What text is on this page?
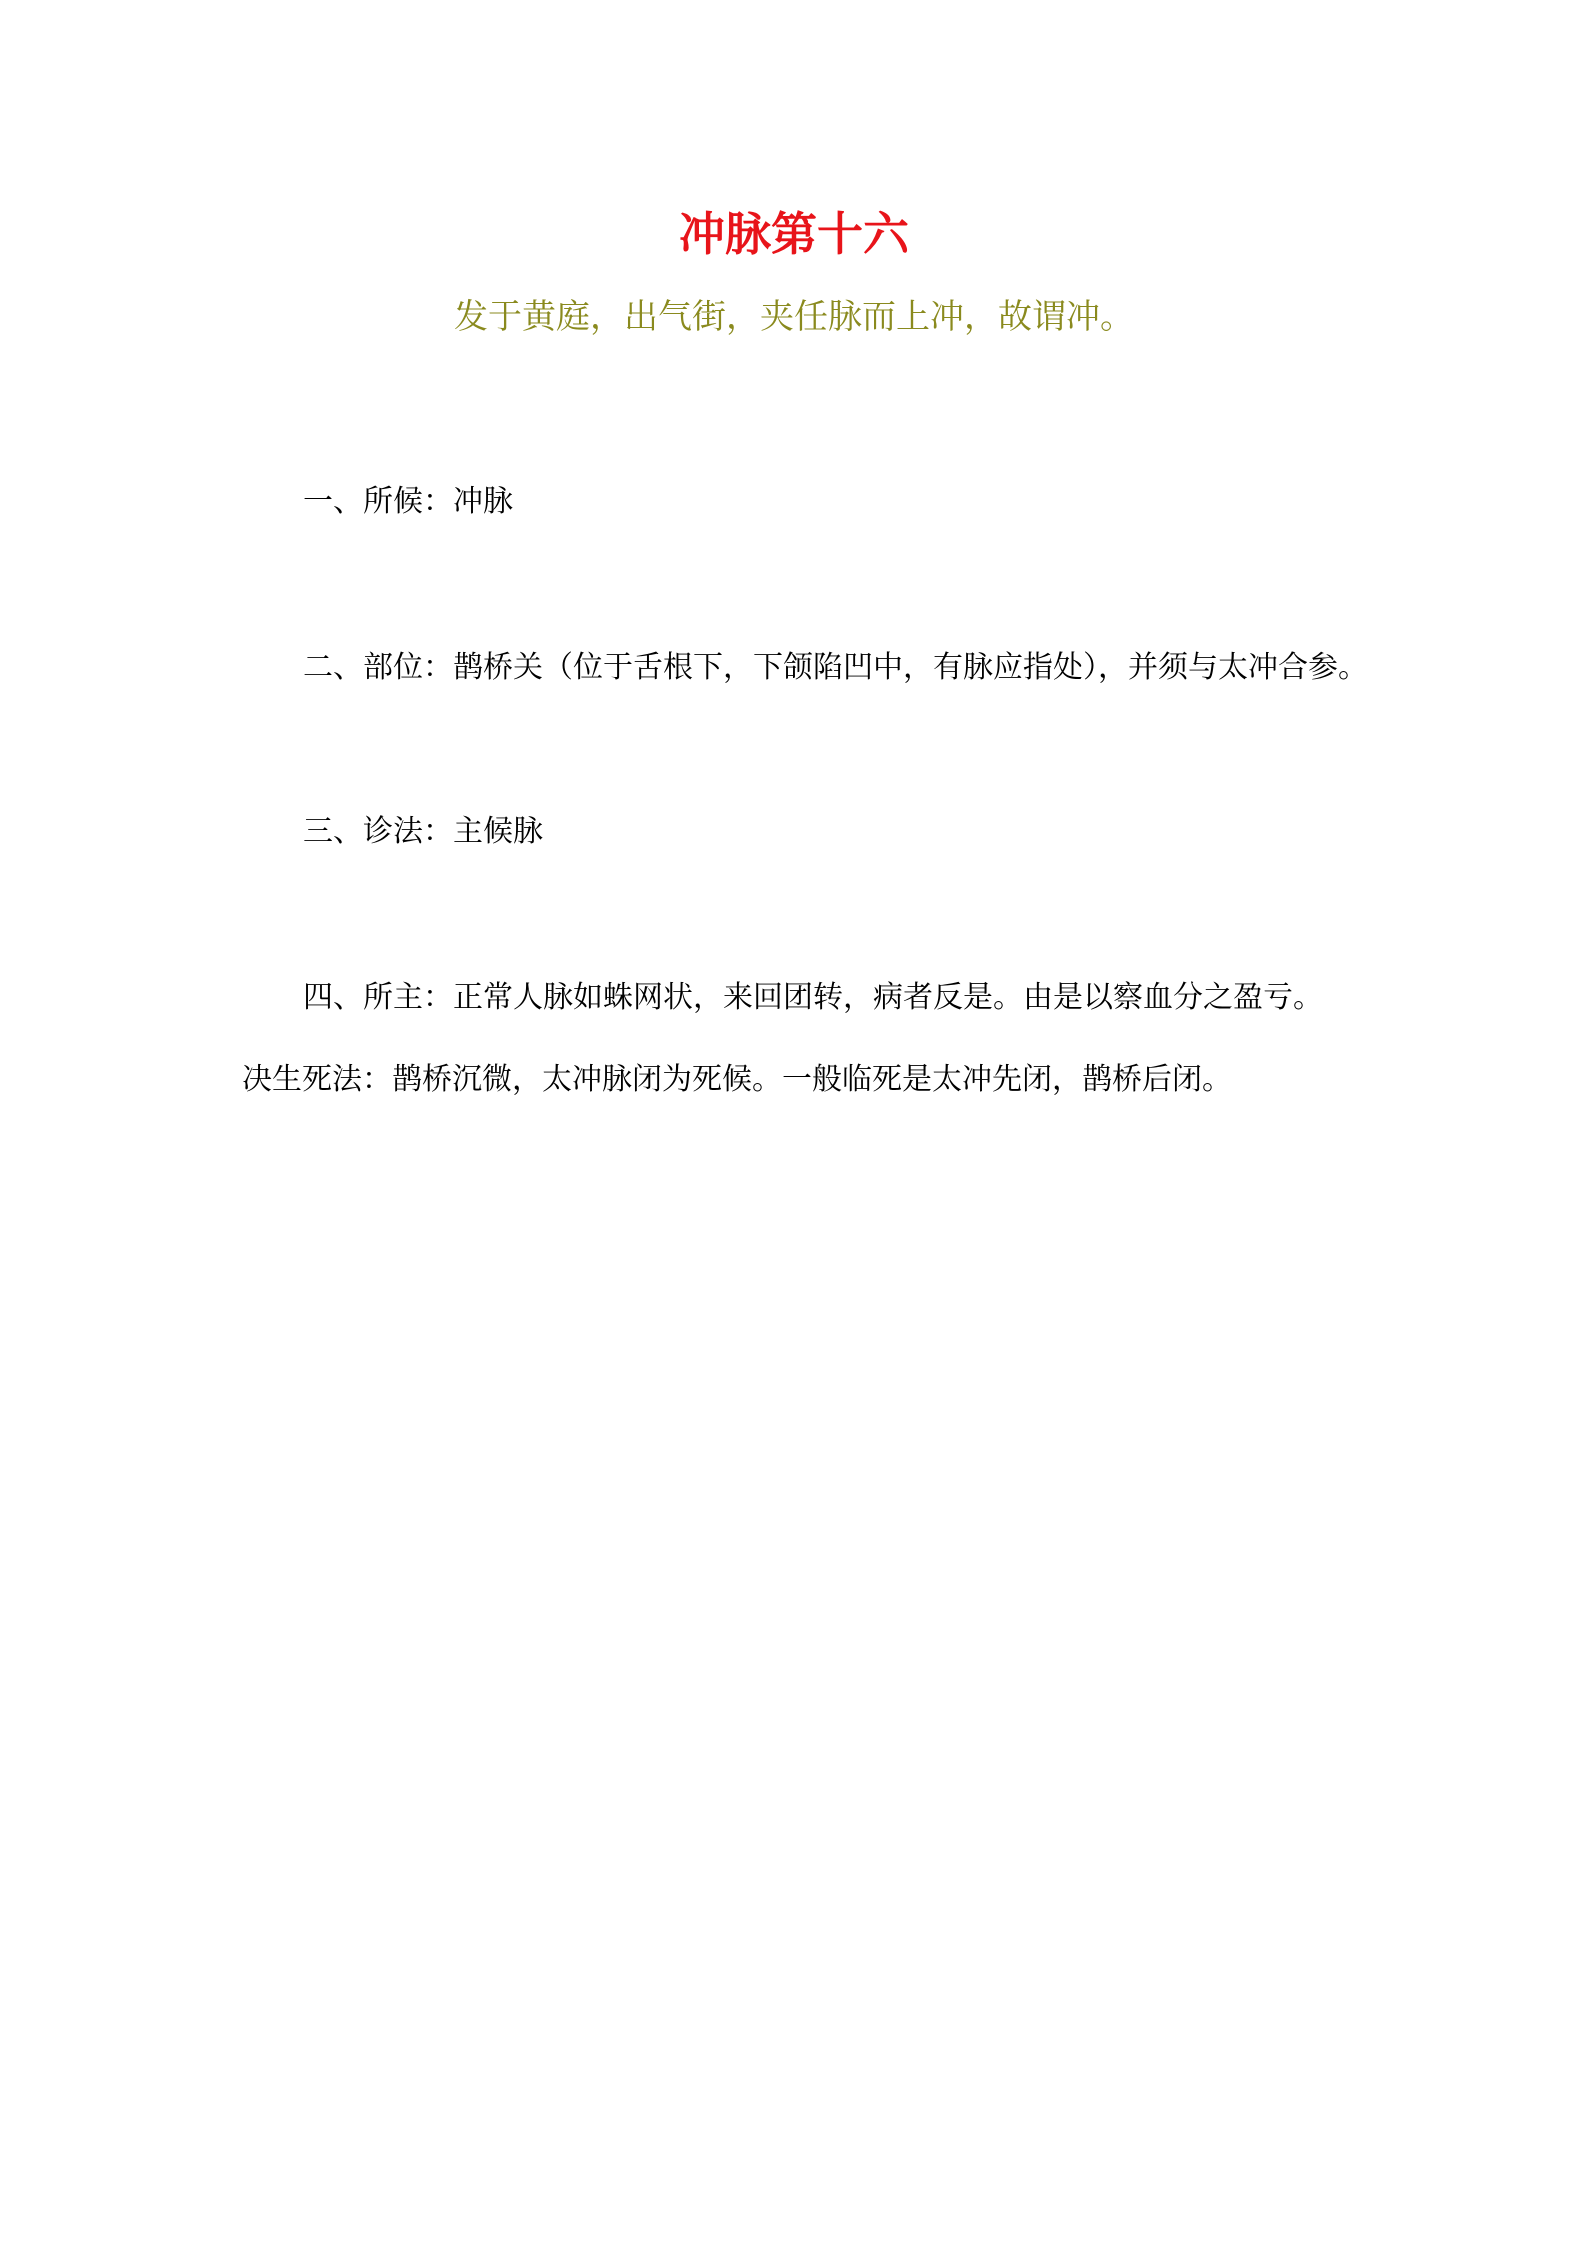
冲脉第十六
发于黄庭，出气街，夹任脉而上冲，故谓冲。
一、所候：冲脉
二、部位：鹊桥关（位于舌根下，下颌陷凹中，有脉应指处），并须与太冲合参。
三、诊法：主候脉
四、所主：正常人脉如蛛网状，来回团转，病者反是。由是以察血分之盈亏。
决生死法：鹊桥沉微，太冲脉闭为死候。一般临死是太冲先闭，鹊桥后闭。
